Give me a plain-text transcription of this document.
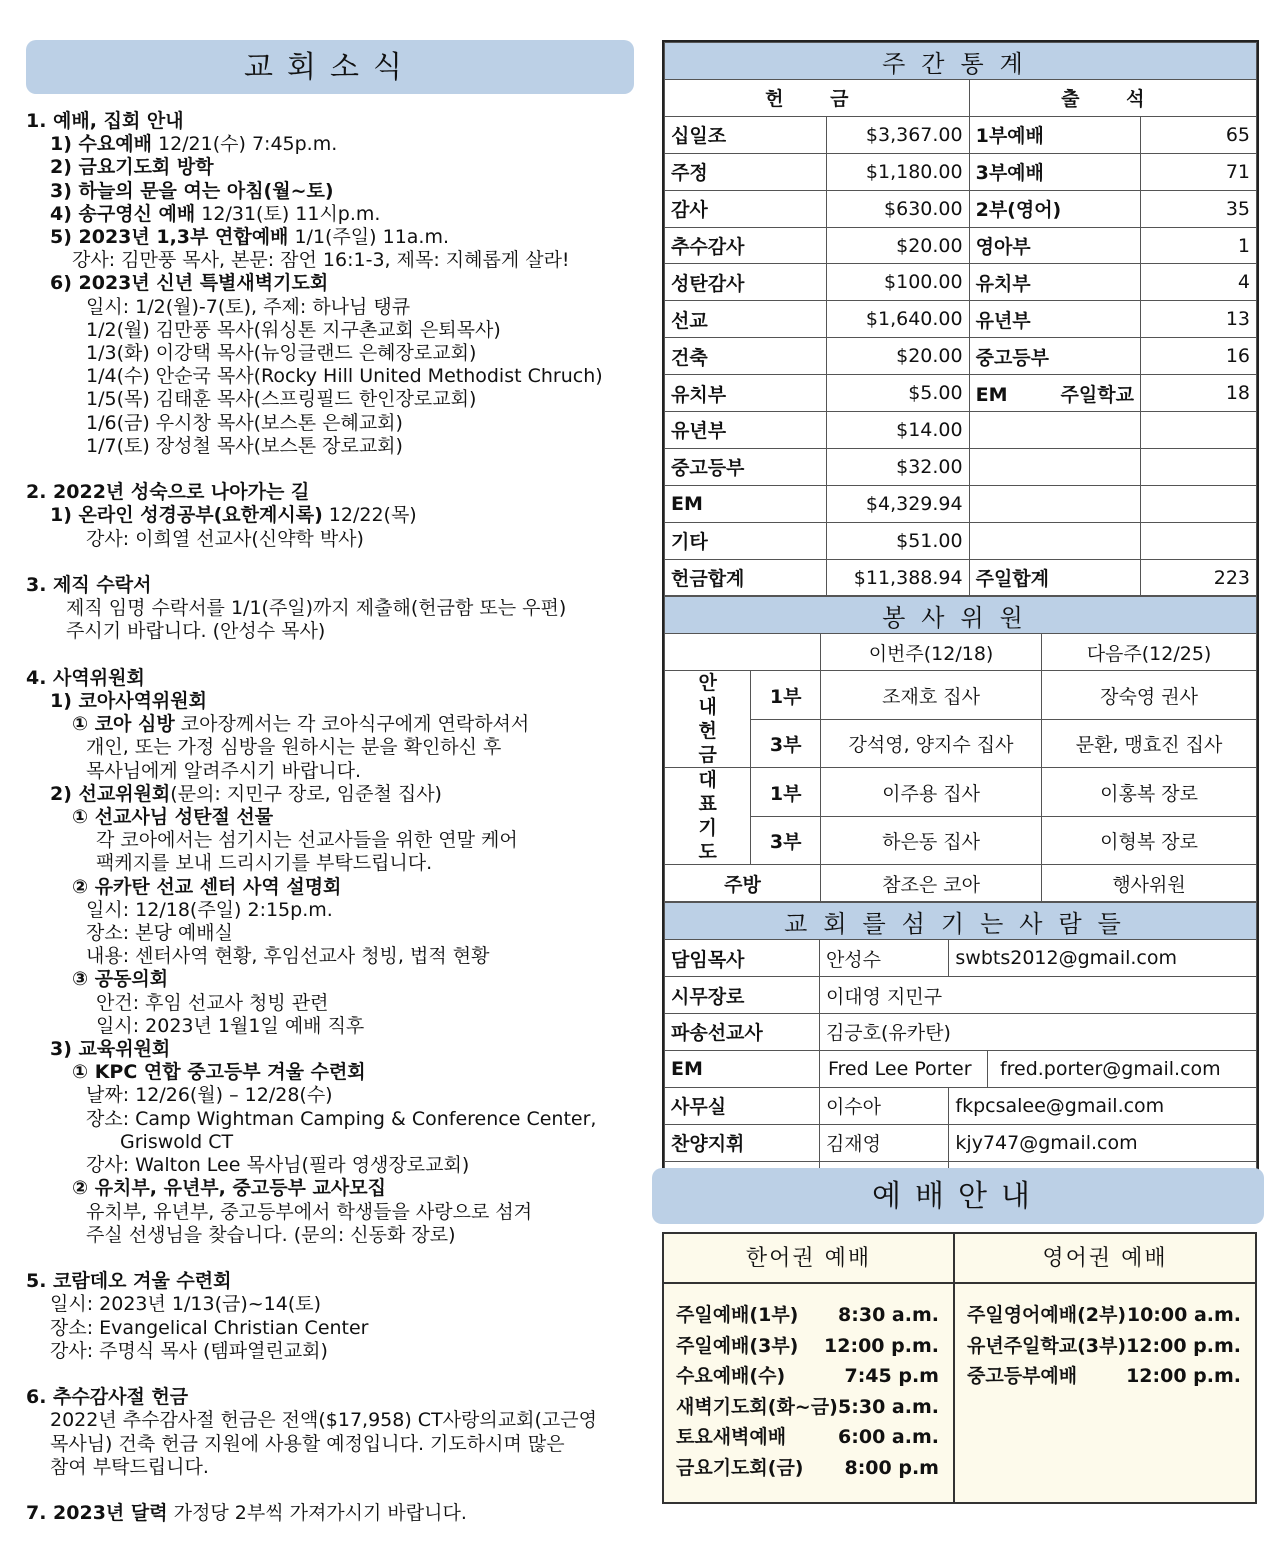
교회소식
1. 예배, 집회 안내
1) 수요예배 12/21(수) 7:45p.m.
2) 금요기도회 방학
3) 하늘의 문을 여는 아침(월~토)
4) 송구영신 예배 12/31(토) 11시p.m.
5) 2023년 1,3부 연합예배 1/1(주일) 11a.m.
강사: 김만풍 목사, 본문: 잠언 16:1-3, 제목: 지혜롭게 살라!
6) 2023년 신년 특별새벽기도회
일시: 1/2(월)-7(토), 주제: 하나님 탱큐
1/2(월) 김만풍 목사(워싱톤 지구촌교회 은퇴목사)
1/3(화) 이강택 목사(뉴잉글랜드 은혜장로교회)
1/4(수) 안순국 목사(Rocky Hill United Methodist Chruch)
1/5(목) 김태훈 목사(스프링필드 한인장로교회)
1/6(금) 우시창 목사(보스톤 은혜교회)
1/7(토) 장성철 목사(보스톤 장로교회)
2. 2022년 성숙으로 나아가는 길
1) 온라인 성경공부(요한계시록) 12/22(목)
강사: 이희열 선교사(신약학 박사)
3. 제직 수락서
제직 임명 수락서를 1/1(주일)까지 제출해(헌금함 또는 우편)
주시기 바랍니다. (안성수 목사)
4. 사역위원회
1) 코아사역위원회
① 코아 심방 코아장께서는 각 코아식구에게 연락하셔서
개인, 또는 가정 심방을 원하시는 분을 확인하신 후
목사님에게 알려주시기 바랍니다.
2) 선교위원회(문의: 지민구 장로, 임준철 집사)
① 선교사님 성탄절 선물
각 코아에서는 섬기시는 선교사들을 위한 연말 케어
팩케지를 보내 드리시기를 부탁드립니다.
② 유카탄 선교 센터 사역 설명회
일시: 12/18(주일) 2:15p.m.
장소: 본당 예배실
내용: 센터사역 현황, 후임선교사 청빙, 법적 현황
③ 공동의회
안건: 후임 선교사 청빙 관련
일시: 2023년 1월1일 예배 직후
3) 교육위원회
① KPC 연합 중고등부 겨울 수련회
날짜: 12/26(월) – 12/28(수)
장소: Camp Wightman Camping & Conference Center,
Griswold CT
강사: Walton Lee 목사님(필라 영생장로교회)
② 유치부, 유년부, 중고등부 교사모집
유치부, 유년부, 중고등부에서 학생들을 사랑으로 섬겨
주실 선생님을 찾습니다. (문의: 신동화 장로)
5. 코람데오 겨울 수련회
일시: 2023년 1/13(금)~14(토)
장소: Evangelical Christian Center
강사: 주명식 목사 (템파열린교회)
6. 추수감사절 헌금
2022년 추수감사절 헌금은 전액($17,958) CT사랑의교회(고근영
목사님) 건축 헌금 지원에 사용할 예정입니다. 기도하시며 많은
참여 부탁드립니다.
7. 2023년 달력 가정당 2부씩 가져가시기 바랍니다.
주간통계			
헌 금		출 석	
십일조	$3,367.00	1부예배	65
주정	$1,180.00	3부예배	71
감사	$630.00	2부(영어)	35
추수감사	$20.00	영아부	1
성탄감사	$100.00	유치부	4
선교	$1,640.00	유년부	13
건축	$20.00	중고등부	16
유치부	$5.00	EM 주일학교	18
유년부	$14.00		
중고등부	$32.00		
EM	$4,329.94		
기타	$51.00		
헌금합계	$11,388.94	주일합계	223
봉사위원			
		이번주(12/18)	다음주(12/25)
안 내 헌 금	1부	조재호 집사	장숙영 권사
	3부	강석영, 양지수 집사	문환, 맹효진 집사
대 표 기 도	1부	이주용 집사	이홍복 장로
	3부	하은동 집사	이형복 장로
주방		참조은 코아	행사위원
교회를섬기는사람들		
담임목사	안성수	swbts2012@gmail.com
시무장로	이대영 지민구	
파송선교사	김긍호(유카탄)	
EM	Fred Lee Porter fred.porter@gmail.com	

사무실	이수아	fkpcsalee@gmail.com
찬양지휘	김재영	kjy747@gmail.com

예배안내
한어권 예배
주일예배(1부) 8:30 a.m.
주일예배(3부) 12:00 p.m.
수요예배(수)	7:45 p.m
새벽기도회(화~금) 5:30 a.m.
토요새벽예배	6:00 a.m.
금요기도회(금) 8:00 p.m
영어권 예배
주일영어예배(2부) 10:00 a.m.
유년주일학교(3부) 12:00 p.m.
중고등부예배	12:00 p.m.
